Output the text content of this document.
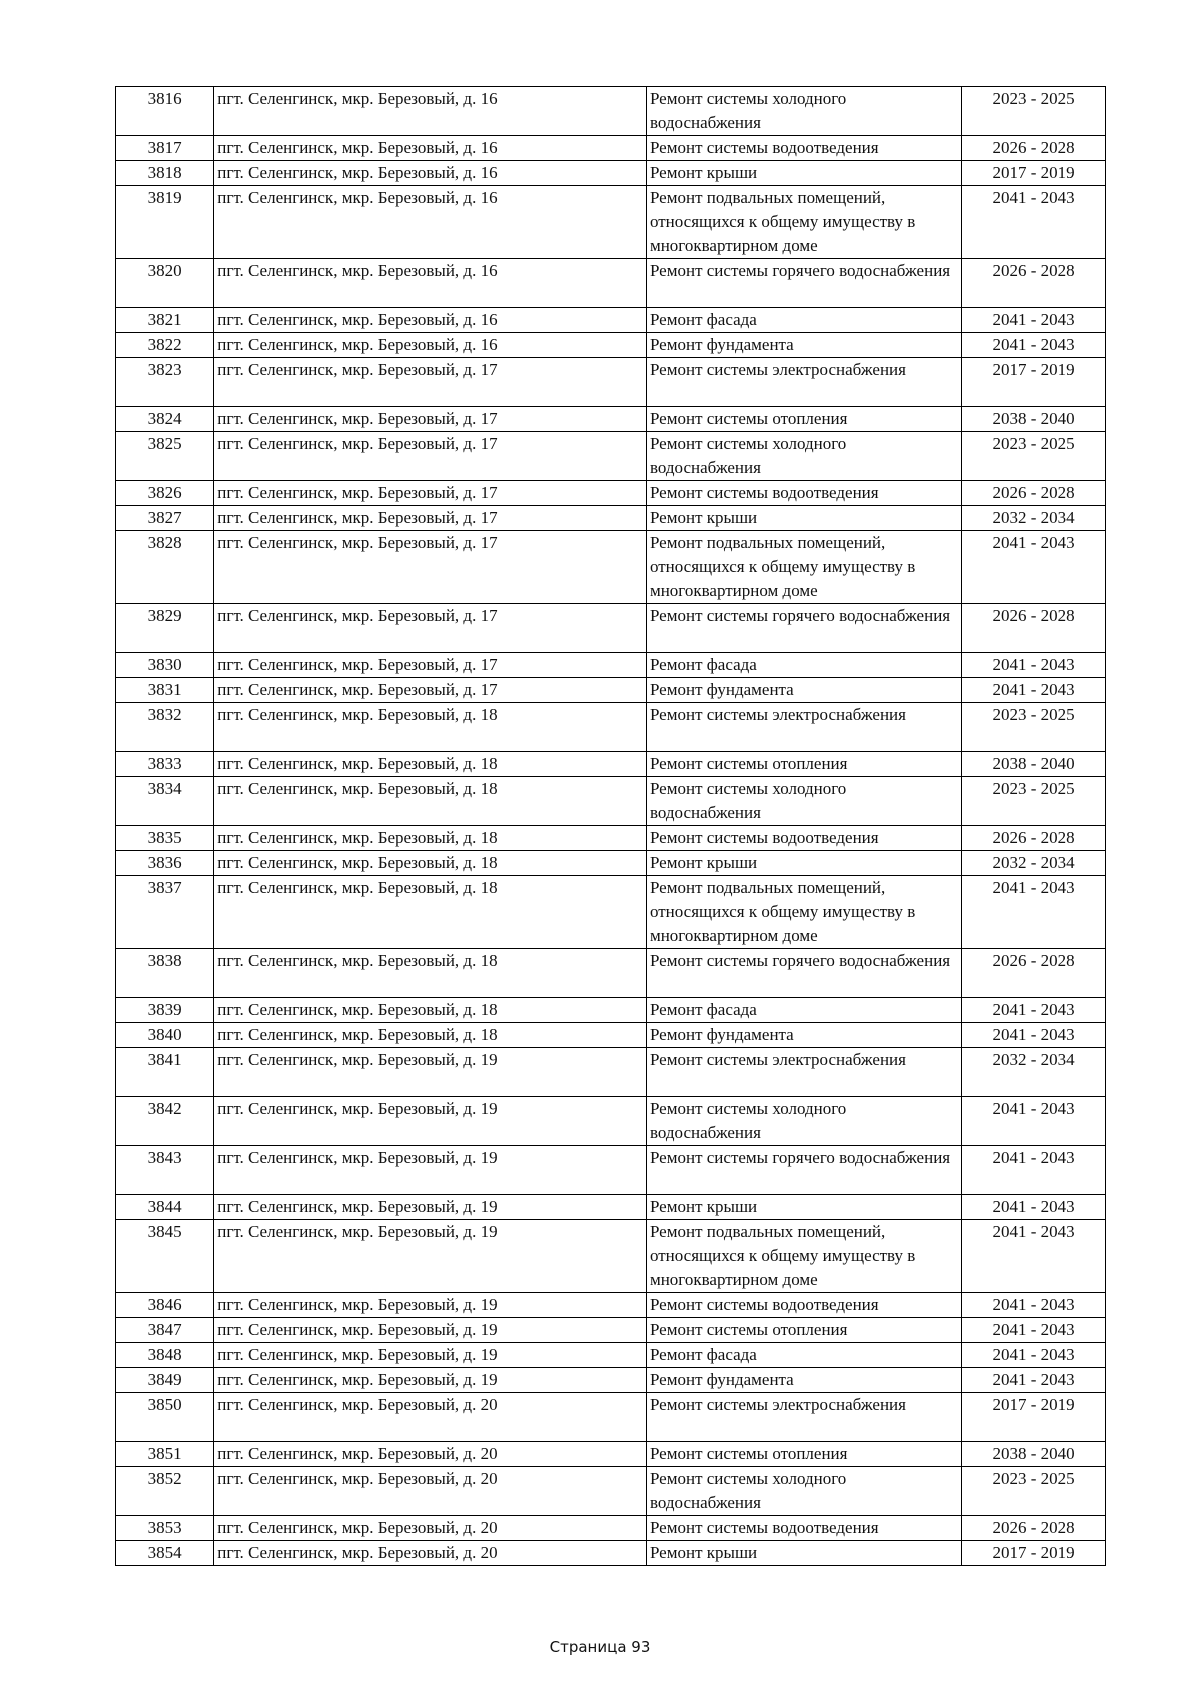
3816	пгт. Селенгинск, мкр. Березовый, д. 16	Ремонт системы холодного водоснабжения	2023 - 2025
3817	пгт. Селенгинск, мкр. Березовый, д. 16	Ремонт системы водоотведения	2026 - 2028
3818	пгт. Селенгинск, мкр. Березовый, д. 16	Ремонт крыши	2017 - 2019
3819	пгт. Селенгинск, мкр. Березовый, д. 16	Ремонт подвальных помещений, относящихся к общему имуществу в многоквартирном доме	2041 - 2043
3820	пгт. Селенгинск, мкр. Березовый, д. 16	Ремонт системы горячего водоснабжения	2026 - 2028
3821	пгт. Селенгинск, мкр. Березовый, д. 16	Ремонт фасада	2041 - 2043
3822	пгт. Селенгинск, мкр. Березовый, д. 16	Ремонт фундамента	2041 - 2043
3823	пгт. Селенгинск, мкр. Березовый, д. 17	Ремонт системы электроснабжения	2017 - 2019
3824	пгт. Селенгинск, мкр. Березовый, д. 17	Ремонт системы отопления	2038 - 2040
3825	пгт. Селенгинск, мкр. Березовый, д. 17	Ремонт системы холодного водоснабжения	2023 - 2025
3826	пгт. Селенгинск, мкр. Березовый, д. 17	Ремонт системы водоотведения	2026 - 2028
3827	пгт. Селенгинск, мкр. Березовый, д. 17	Ремонт крыши	2032 - 2034
3828	пгт. Селенгинск, мкр. Березовый, д. 17	Ремонт подвальных помещений, относящихся к общему имуществу в многоквартирном доме	2041 - 2043
3829	пгт. Селенгинск, мкр. Березовый, д. 17	Ремонт системы горячего водоснабжения	2026 - 2028
3830	пгт. Селенгинск, мкр. Березовый, д. 17	Ремонт фасада	2041 - 2043
3831	пгт. Селенгинск, мкр. Березовый, д. 17	Ремонт фундамента	2041 - 2043
3832	пгт. Селенгинск, мкр. Березовый, д. 18	Ремонт системы электроснабжения	2023 - 2025
3833	пгт. Селенгинск, мкр. Березовый, д. 18	Ремонт системы отопления	2038 - 2040
3834	пгт. Селенгинск, мкр. Березовый, д. 18	Ремонт системы холодного водоснабжения	2023 - 2025
3835	пгт. Селенгинск, мкр. Березовый, д. 18	Ремонт системы водоотведения	2026 - 2028
3836	пгт. Селенгинск, мкр. Березовый, д. 18	Ремонт крыши	2032 - 2034
3837	пгт. Селенгинск, мкр. Березовый, д. 18	Ремонт подвальных помещений, относящихся к общему имуществу в многоквартирном доме	2041 - 2043
3838	пгт. Селенгинск, мкр. Березовый, д. 18	Ремонт системы горячего водоснабжения	2026 - 2028
3839	пгт. Селенгинск, мкр. Березовый, д. 18	Ремонт фасада	2041 - 2043
3840	пгт. Селенгинск, мкр. Березовый, д. 18	Ремонт фундамента	2041 - 2043
3841	пгт. Селенгинск, мкр. Березовый, д. 19	Ремонт системы электроснабжения	2032 - 2034
3842	пгт. Селенгинск, мкр. Березовый, д. 19	Ремонт системы холодного водоснабжения	2041 - 2043
3843	пгт. Селенгинск, мкр. Березовый, д. 19	Ремонт системы горячего водоснабжения	2041 - 2043
3844	пгт. Селенгинск, мкр. Березовый, д. 19	Ремонт крыши	2041 - 2043
3845	пгт. Селенгинск, мкр. Березовый, д. 19	Ремонт подвальных помещений, относящихся к общему имуществу в многоквартирном доме	2041 - 2043
3846	пгт. Селенгинск, мкр. Березовый, д. 19	Ремонт системы водоотведения	2041 - 2043
3847	пгт. Селенгинск, мкр. Березовый, д. 19	Ремонт системы отопления	2041 - 2043
3848	пгт. Селенгинск, мкр. Березовый, д. 19	Ремонт фасада	2041 - 2043
3849	пгт. Селенгинск, мкр. Березовый, д. 19	Ремонт фундамента	2041 - 2043
3850	пгт. Селенгинск, мкр. Березовый, д. 20	Ремонт системы электроснабжения	2017 - 2019
3851	пгт. Селенгинск, мкр. Березовый, д. 20	Ремонт системы отопления	2038 - 2040
3852	пгт. Селенгинск, мкр. Березовый, д. 20	Ремонт системы холодного водоснабжения	2023 - 2025
3853	пгт. Селенгинск, мкр. Березовый, д. 20	Ремонт системы водоотведения	2026 - 2028
3854	пгт. Селенгинск, мкр. Березовый, д. 20	Ремонт крыши	2017 - 2019
Страница 93
